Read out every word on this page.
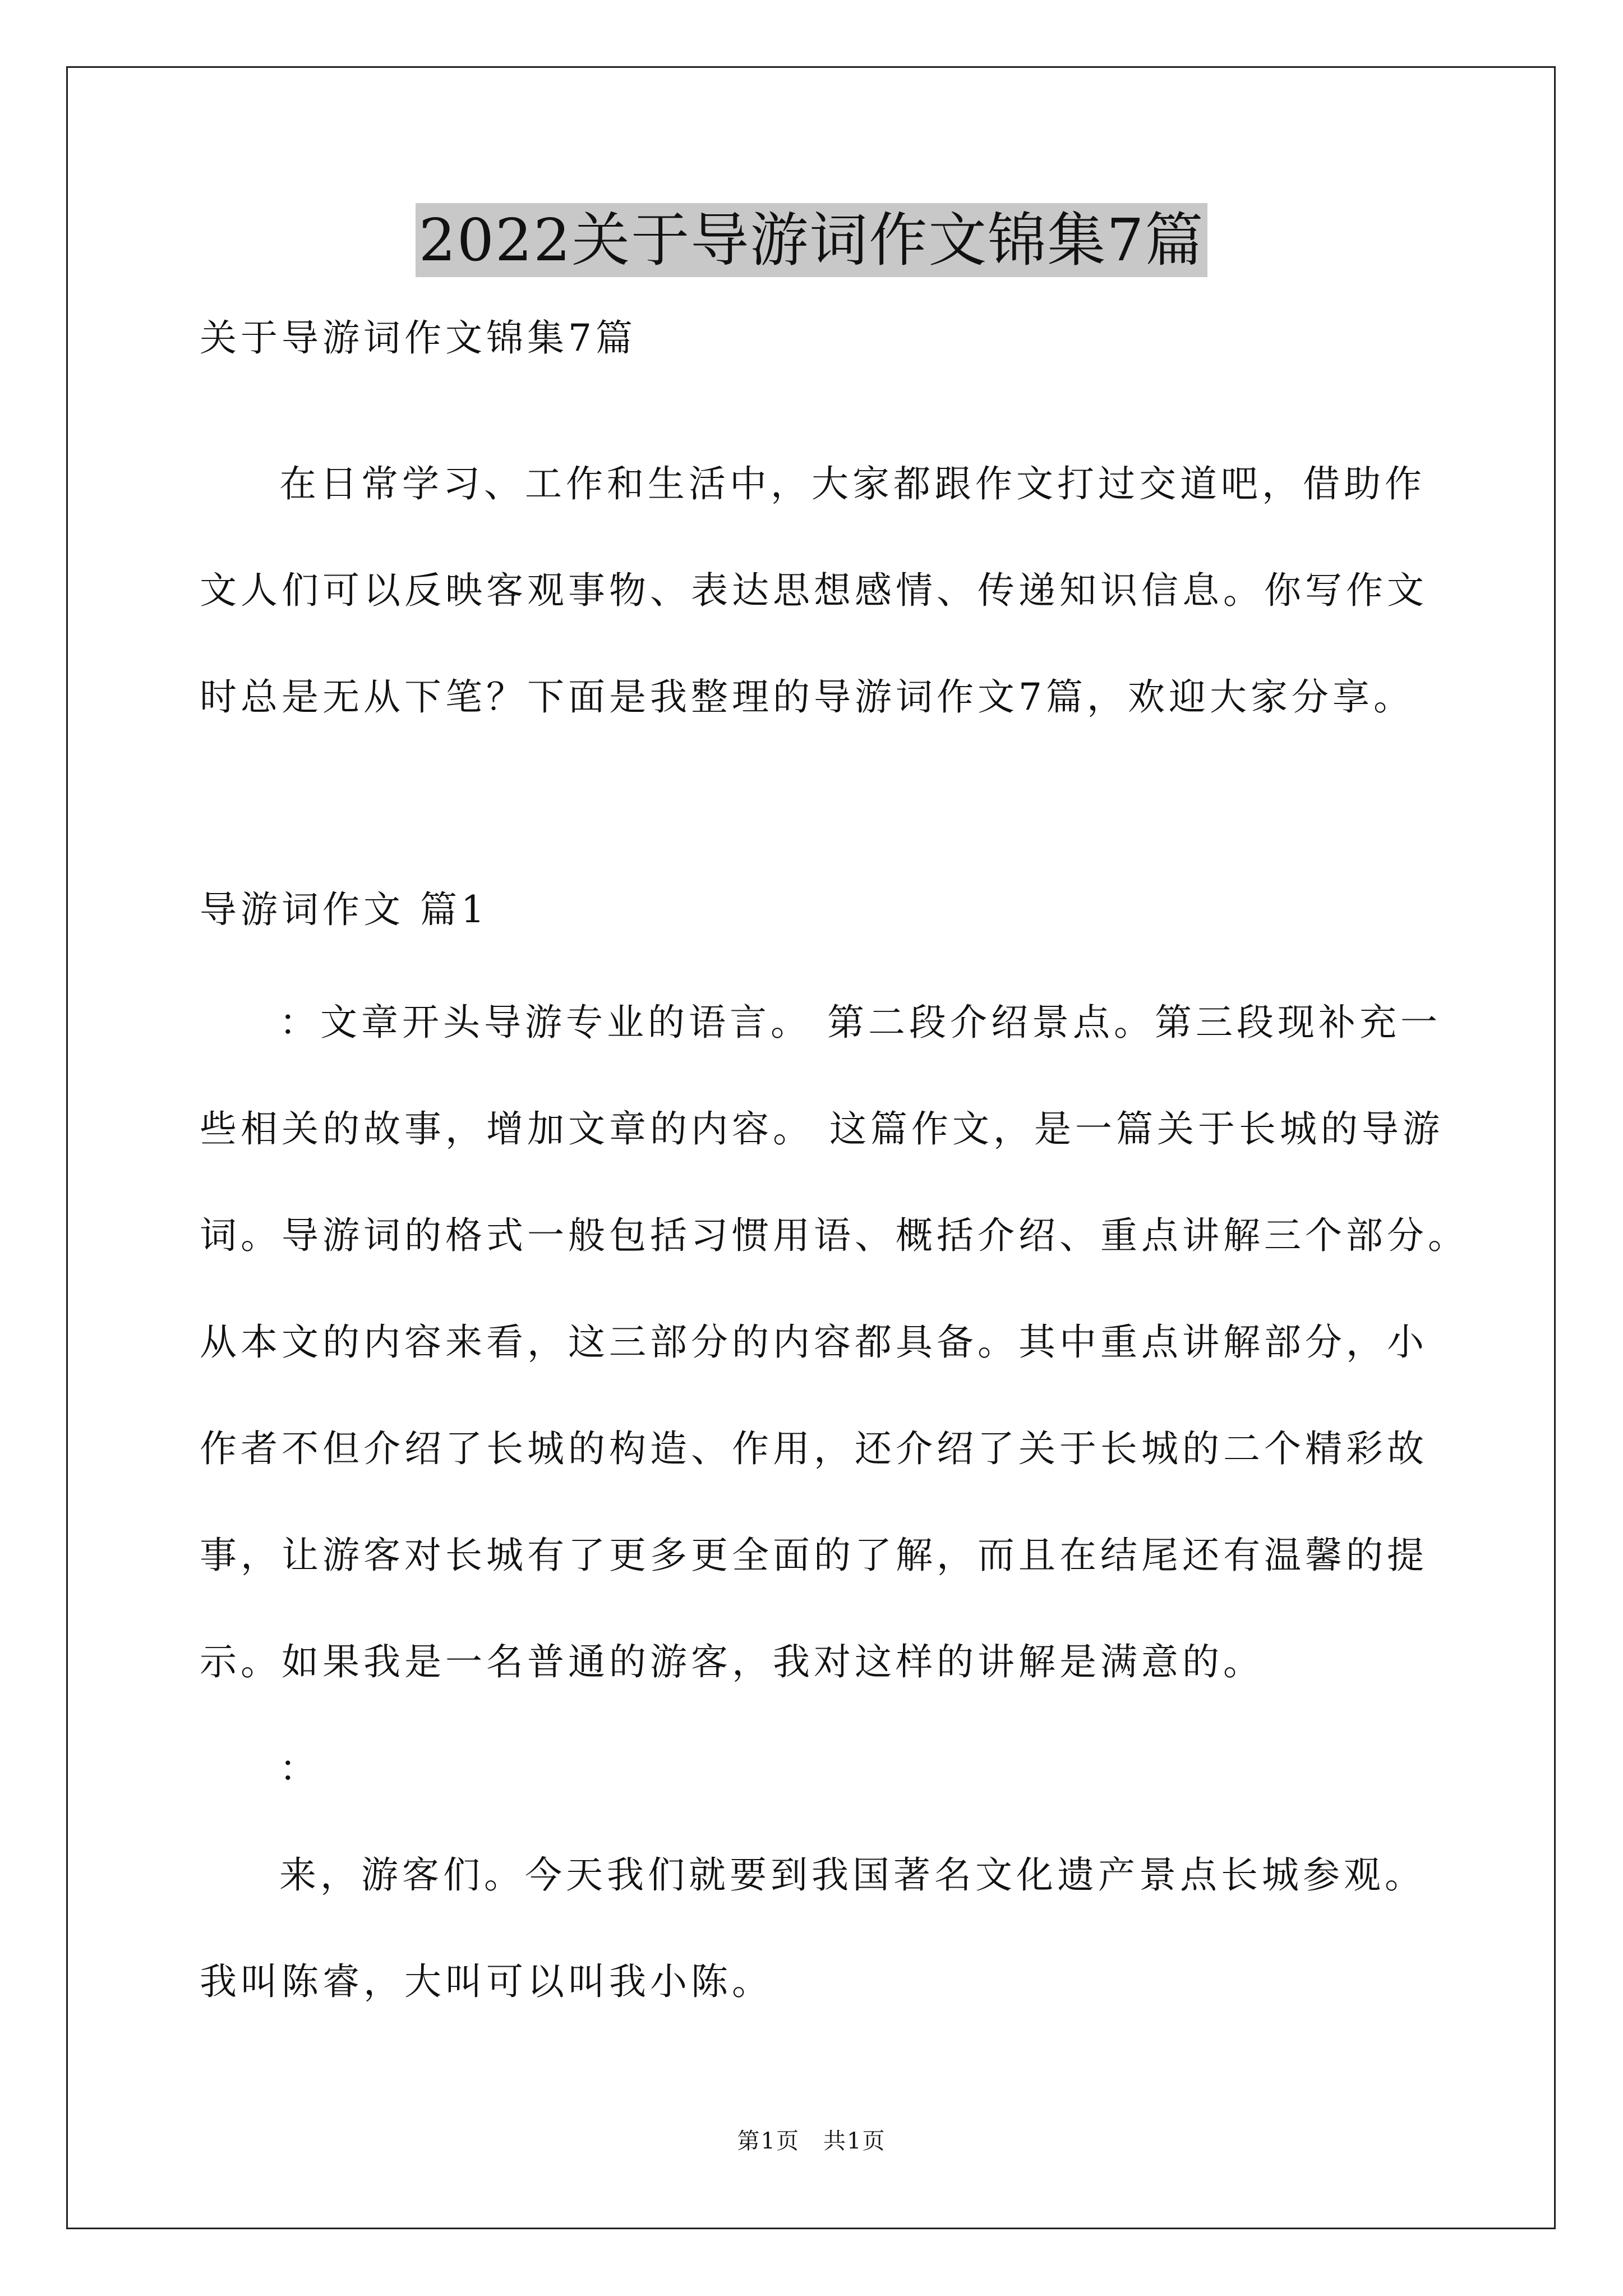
2022关于导游词作文锦集7篇
关于导游词作文锦集7篇
在日常学习、工作和生活中，大家都跟作文打过交道吧，借助作
文人们可以反映客观事物、表达思想感情、传递知识信息。你写作文
时总是无从下笔？下面是我整理的导游词作文7篇，欢迎大家分享。
导游词作文 篇1
：文章开头导游专业的语言。 第二段介绍景点。第三段现补充一
些相关的故事，增加文章的内容。 这篇作文，是一篇关于长城的导游
词。导游词的格式一般包括习惯用语、概括介绍、重点讲解三个部分。
从本文的内容来看，这三部分的内容都具备。其中重点讲解部分，小
作者不但介绍了长城的构造、作用，还介绍了关于长城的二个精彩故
事，让游客对长城有了更多更全面的了解，而且在结尾还有温馨的提
示。如果我是一名普通的游客，我对这样的讲解是满意的。
：
来，游客们。今天我们就要到我国著名文化遗产景点长城参观。
我叫陈睿，大叫可以叫我小陈。
第1页　共1页
